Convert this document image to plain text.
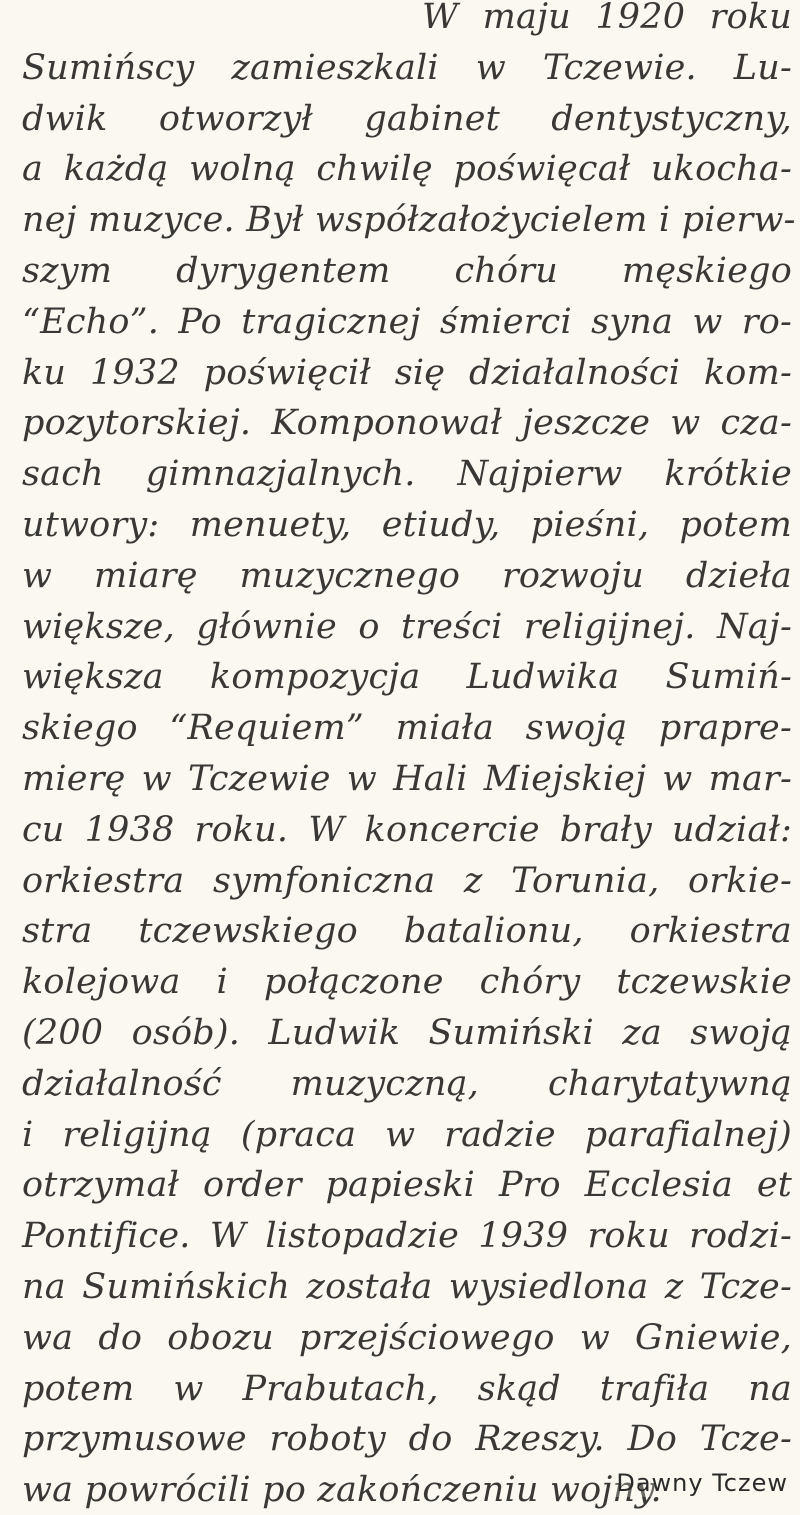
W maju 1920 roku
Sumińscy zamieszkali w Tczewie. Lu-
dwik otworzył gabinet dentystyczny,
a każdą wolną chwilę poświęcał ukocha-
nej muzyce. Był współzałożycielem i pierw-
szym dyrygentem chóru męskiego
“Echo”. Po tragicznej śmierci syna w ro-
ku 1932 poświęcił się działalności kom-
pozytorskiej. Komponował jeszcze w cza-
sach gimnazjalnych. Najpierw krótkie
utwory: menuety, etiudy, pieśni, potem
w miarę muzycznego rozwoju dzieła
większe, głównie o treści religijnej. Naj-
większa kompozycja Ludwika Sumiń-
skiego “Requiem” miała swoją prapre-
mierę w Tczewie w Hali Miejskiej w mar-
cu 1938 roku. W koncercie brały udział:
orkiestra symfoniczna z Torunia, orkie-
stra tczewskiego batalionu, orkiestra
kolejowa i połączone chóry tczewskie
(200 osób). Ludwik Sumiński za swoją
działalność muzyczną, charytatywną
i religijną (praca w radzie parafialnej)
otrzymał order papieski Pro Ecclesia et
Pontifice. W listopadzie 1939 roku rodzi-
na Sumińskich została wysiedlona z Tcze-
wa do obozu przejściowego w Gniewie,
potem w Prabutach, skąd trafiła na
przymusowe roboty do Rzeszy. Do Tcze-
wa powrócili po zakończeniu wojny.
Dawny Tczew
